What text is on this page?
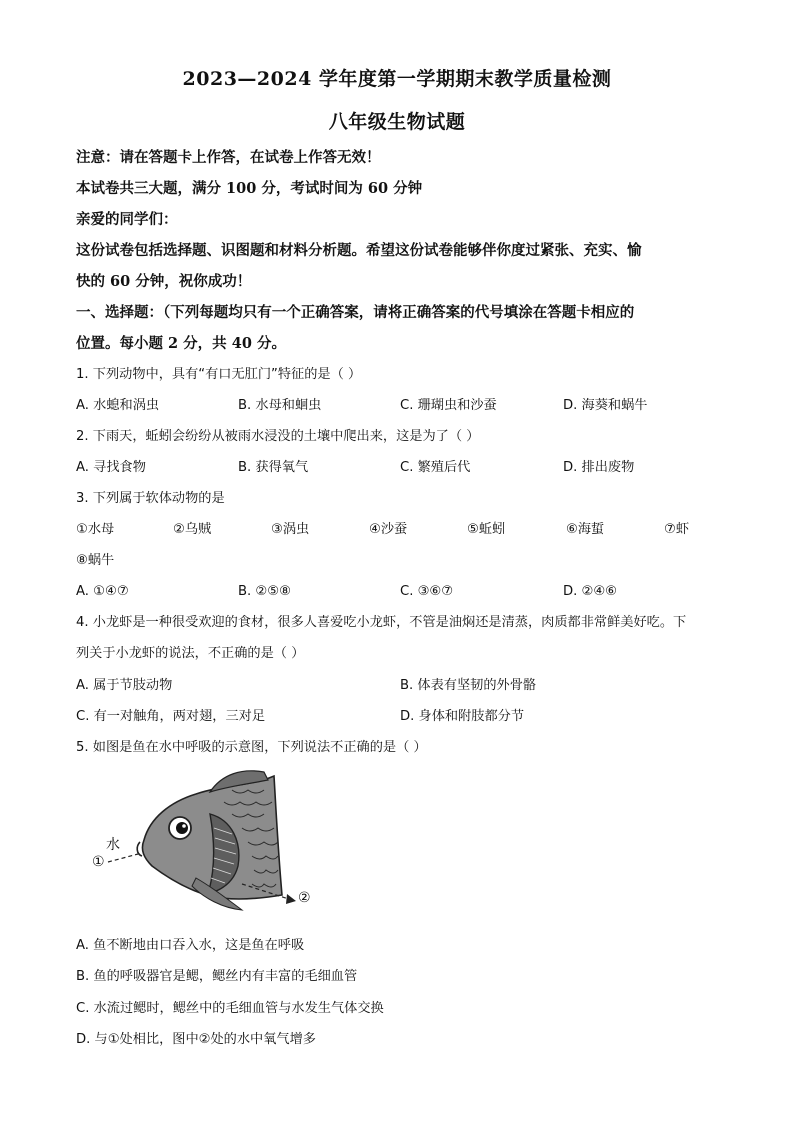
2023—2024 学年度第一学期期末教学质量检测
八年级生物试题
注意：请在答题卡上作答，在试卷上作答无效！
本试卷共三大题，满分 100 分，考试时间为 60 分钟
亲爱的同学们：
这份试卷包括选择题、识图题和材料分析题。希望这份试卷能够伴你度过紧张、充实、愉
快的 60 分钟，祝你成功！
一、选择题：（下列每题均只有一个正确答案，请将正确答案的代号填涂在答题卡相应的
位置。每小题 2 分，共 40 分。
1. 下列动物中，具有“有口无肛门”特征的是（ ）
A. 水螅和涡虫	B. 水母和蛔虫	C. 珊瑚虫和沙蚕	D. 海葵和蜗牛
2. 下雨天，蚯蚓会纷纷从被雨水浸没的土壤中爬出来，这是为了（ ）
A. 寻找食物	B. 获得氧气	C. 繁殖后代	D. 排出废物
3. 下列属于软体动物的是
①水母	②乌贼	③涡虫	④沙蚕	⑤蚯蚓	⑥海蜇	⑦虾
⑧蜗牛
A. ①④⑦	B. ②⑤⑧	C. ③⑥⑦	D. ②④⑥
4. 小龙虾是一种很受欢迎的食材，很多人喜爱吃小龙虾，不管是油焖还是清蒸，肉质都非常鲜美好吃。下
列关于小龙虾的说法，不正确的是（ ）
A. 属于节肢动物	B. 体表有坚韧的外骨骼
C. 有一对触角，两对翅，三对足	D. 身体和附肢都分节
5. 如图是鱼在水中呼吸的示意图，下列说法不正确的是（ ）
水
①
②
A. 鱼不断地由口吞入水，这是鱼在呼吸
B. 鱼的呼吸器官是鳃，鳃丝内有丰富的毛细血管
C. 水流过鳃时，鳃丝中的毛细血管与水发生气体交换
D. 与①处相比，图中②处的水中氧气增多
